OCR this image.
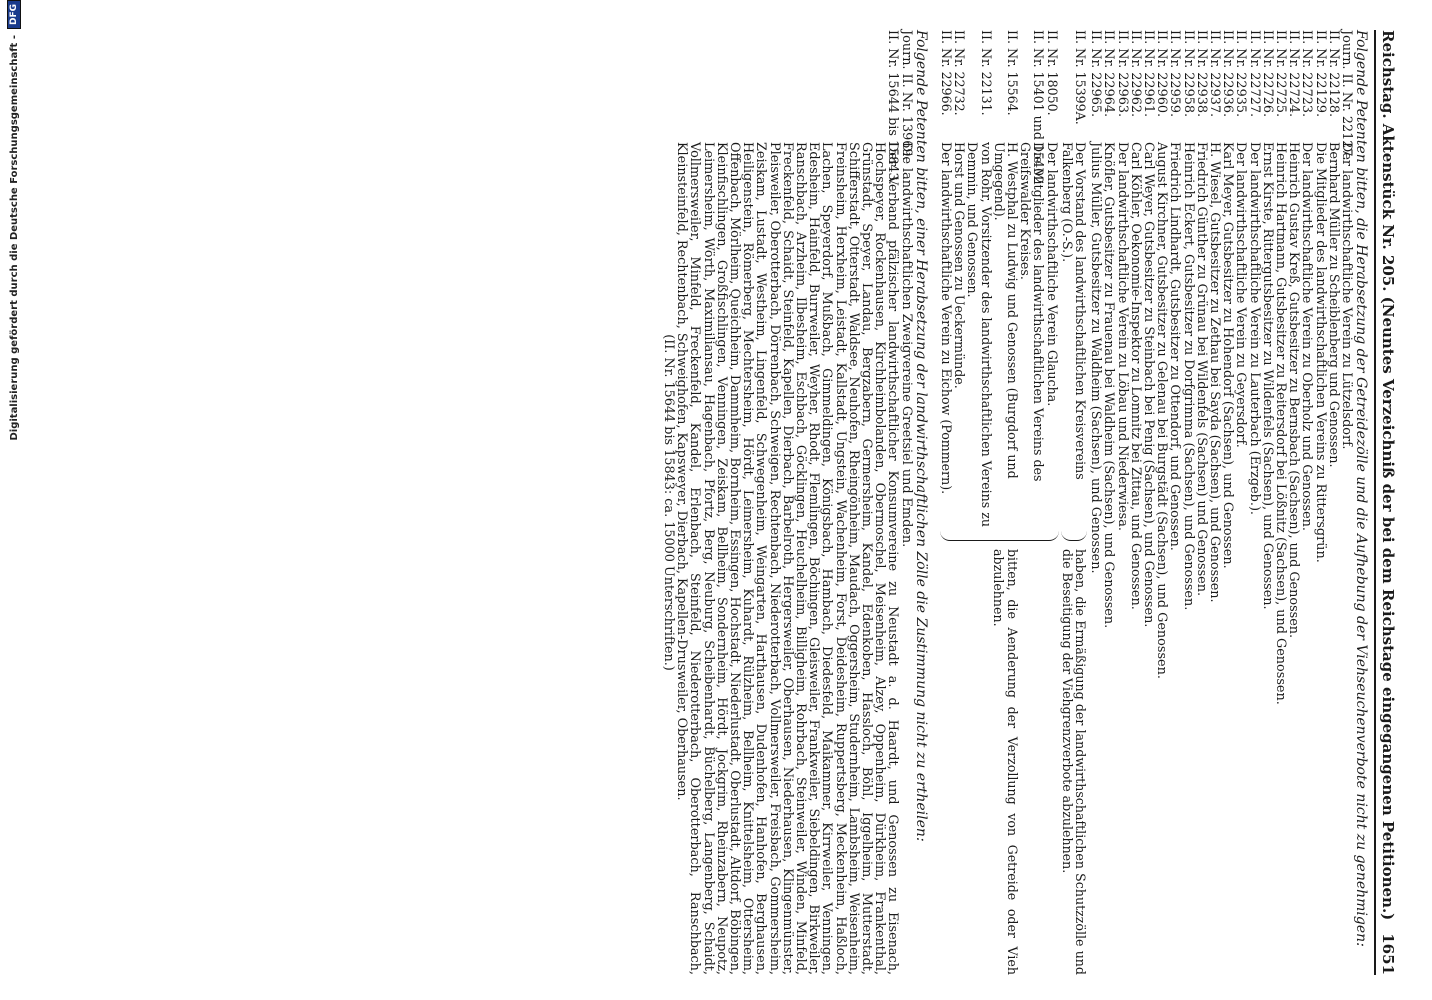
Reichstag. Aktenstück Nr. 205. (Neuntes Verzeichniß der bei dem Reichstage eingegangenen Petitionen.)
1651
Folgende Petenten bitten, die Herabsetzung der Getreidezölle und die Aufhebung der Viehseuchenverbote nicht zu genehmigen:
Journ. II. Nr. 22127.
Der landwirthschaftliche Verein zu Lützelsdorf.
II. Nr. 22128.
Bernhard Müller zu Scheiblenberg und Genossen.
II. Nr. 22129.
Die Mitglieder des landwirthschaftlichen Vereins zu Rittersgrün.
II. Nr. 22723.
Der landwirthschaftliche Verein zu Oberholz und Genossen.
II. Nr. 22724.
Heinrich Gustav Kreß, Gutsbesitzer zu Bernsbach (Sachsen), und Genossen.
II. Nr. 22725.
Heinrich Hartmann, Gutsbesitzer zu Reitersdorf bei Lößnitz (Sachsen), und Genossen.
II. Nr. 22726.
Ernst Kirste, Rittergutsbesitzer zu Wildenfels (Sachsen), und Genossen.
II. Nr. 22727.
Der landwirthschaftliche Verein zu Lauterbach (Erzgeb.).
II. Nr. 22935.
Der landwirthschaftliche Verein zu Geyersdorf.
II. Nr. 22936.
Karl Meyer, Gutsbesitzer zu Hohendorf (Sachsen), und Genossen.
II. Nr. 22937.
H. Wiesel, Gutsbesitzer zu Zethau bei Sayda (Sachsen), und Genossen.
II. Nr. 22938.
Friedrich Günther zu Grünau bei Wildenfels (Sachsen) und Genossen.
II. Nr. 22958.
Heinrich Eckert, Gutsbesitzer zu Dorfgrimma (Sachsen), und Genossen.
II. Nr. 22959.
Friedrich Lindhardt, Gutsbesitzer zu Ottendorf, und Genossen.
II. Nr. 22960.
August Kirchner, Gutsbesitzer zu Gelenau bei Burgstädt (Sachsen), und Genossen.
II. Nr. 22961.
Carl Weyer, Gutsbesitzer zu Steinbach bei Penig (Sachsen), und Genossen.
II. Nr. 22962.
Carl Köhler, Oekonomie-Inspektor zu Lomnitz bei Zittau, und Genossen.
II. Nr. 22963.
Der landwirthschaftliche Verein zu Löbau und Niederwiesa.
II. Nr. 22964.
Knöfler, Gutsbesitzer zu Frauenau bei Waldheim (Sachsen), und Genossen.
II. Nr. 22965.
Julius Müller, Gutsbesitzer zu Waldheim (Sachsen), und Genossen.
II. Nr. 15399A.
Der Vorstand des landwirthschaftlichen Kreisvereins Falkenberg (O.-S.).
haben, die Ermäßigung der landwirthschaftlichen Schutzzölle und die Beseitigung der Viehgrenzverbote abzulehnen.
II. Nr. 18050.
Der landwirthschaftliche Verein Glaucha.
II. Nr. 15401 und 15402
Die Mitglieder des landwirthschaftlichen Vereins des Greifswalder Kreises.
II. Nr. 15564.
H. Westphal zu Ludwig und Genossen (Burgdorf und Umgegend).
II. Nr. 22131.
von Rohr, Vorsitzender des landwirthschaftlichen Vereins zu Demmin, und Genossen.
II. Nr. 22732.
Horst und Genossen zu Ueckermünde.
II. Nr. 22966.
Der landwirthschaftliche Verein zu Eichow (Pommern).
bitten, die Aenderung der Verzollung von Getreide oder Vieh abzulehnen.
Folgende Petenten bitten, einer Herabsetzung der landwirthschaftlichen Zölle die Zustimmung nicht zu ertheilen:
Journ. II. Nr. 13969.
Die landwirthschaftlichen Zweigvereine Greetsiel und Emden.
II. Nr. 15644 bis 15843.
Der Verband pfälzischer landwirthschaftlicher Konsumvereine zu Neustadt a. d. Haardt, und Genossen zu Eisenach, Hochspeyer, Rockenhausen, Kirchheimbolanden, Obermoschel, Meisenheim, Alzey, Oppenheim, Dürkheim, Frankenthal, Grünstadt, Speyer, Landau, Bergzabern, Germersheim, Kandel, Edenkoben, Hassloch, Böhl, Iggelheim, Mutterstadt, Schifferstadt, Otterstadt, Waldsee, Neuhofen, Rheingönheim, Maudach, Oggersheim, Studernheim, Lambsheim, Weisenheim, Freinsheim, Herxheim, Leistadt, Kallstadt, Ungstein, Wachenheim, Forst, Deidesheim, Ruppertsberg, Meckenheim, Haßloch, Lachen, Speyerdorf, Mußbach, Gimmeldingen, Königsbach, Hambach, Diedesfeld, Maikammer, Kirrweiler, Venningen, Edesheim, Hainfeld, Burrweiler, Weyher, Rhodt, Flemlingen, Böchingen, Gleisweiler, Frankweiler, Siebeldingen, Birkweiler, Ranschbach, Arzheim, Ilbesheim, Eschbach, Göcklingen, Heuchelheim, Billigheim, Rohrbach, Steinweiler, Winden, Minfeld, Freckenfeld, Schaidt, Steinfeld, Kapellen, Dierbach, Barbelroth, Hergersweiler, Oberhausen, Niederhausen, Klingenmünster, Pleisweiler, Oberotterbach, Dörrenbach, Schweigen, Rechtenbach, Niederotterbach, Vollmersweiler, Freisbach, Gommersheim, Zeiskam, Lustadt, Westheim, Lingenfeld, Schwegenheim, Weingarten, Harthausen, Dudenhofen, Hanhofen, Berghausen, Heiligenstein, Römerberg, Mechtersheim, Hördt, Leimersheim, Kuhardt, Rülzheim, Bellheim, Knittelsheim, Ottersheim, Offenbach, Mörlheim, Queichheim, Dammheim, Bornheim, Essingen, Hochstadt, Niederlustadt, Oberlustadt, Altdorf, Böbingen, Kleinfischlingen, Großfischlingen, Venningen, Zeiskam, Bellheim, Sondernheim, Hördt, Jockgrim, Rheinzabern, Neupotz, Leimersheim, Wörth, Maximiliansau, Hagenbach, Pfortz, Berg, Neuburg, Scheibenhardt, Büchelberg, Langenberg, Schaidt, Vollmersweiler, Minfeld, Freckenfeld, Kandel, Erlenbach, Steinfeld, Niederotterbach, Oberotterbach, Ranschbach, Kleinsteinfeld, Rechtenbach, Schweighofen, Kapsweyer, Dierbach, Kapellen-Drusweiler, Oberhausen.
(II. Nr. 15644 bis 15843: ca. 15000 Unterschriften.)
Digitalisierung gefördert durch die Deutsche Forschungsgemeinschaft -
DFG
